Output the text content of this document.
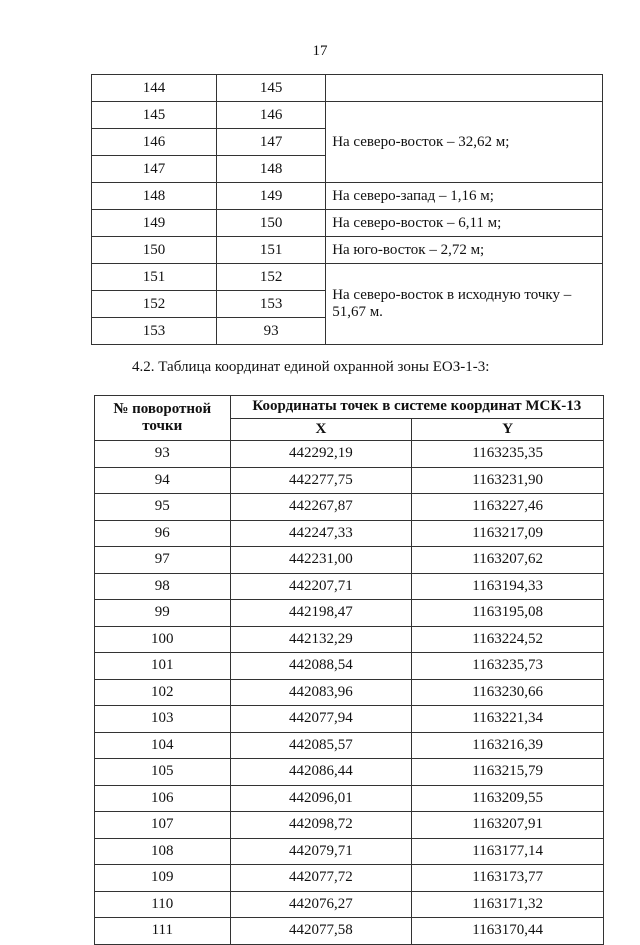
17
144	145	
145	146	На северо-восток – 32,62 м;
146	147	
147	148	
148	149	На северо-запад – 1,16 м;
149	150	На северо-восток – 6,11 м;
150	151	На юго-восток – 2,72 м;
151	152	На северо-восток в исходную точку – 51,67 м.
152	153	
153	93	
4.2. Таблица координат единой охранной зоны ЕОЗ-1-3:
№ поворотной точки	Координаты точек в системе координат МСК-13	
	X	Y
93	442292,19	1163235,35
94	442277,75	1163231,90
95	442267,87	1163227,46
96	442247,33	1163217,09
97	442231,00	1163207,62
98	442207,71	1163194,33
99	442198,47	1163195,08
100	442132,29	1163224,52
101	442088,54	1163235,73
102	442083,96	1163230,66
103	442077,94	1163221,34
104	442085,57	1163216,39
105	442086,44	1163215,79
106	442096,01	1163209,55
107	442098,72	1163207,91
108	442079,71	1163177,14
109	442077,72	1163173,77
110	442076,27	1163171,32
111	442077,58	1163170,44
